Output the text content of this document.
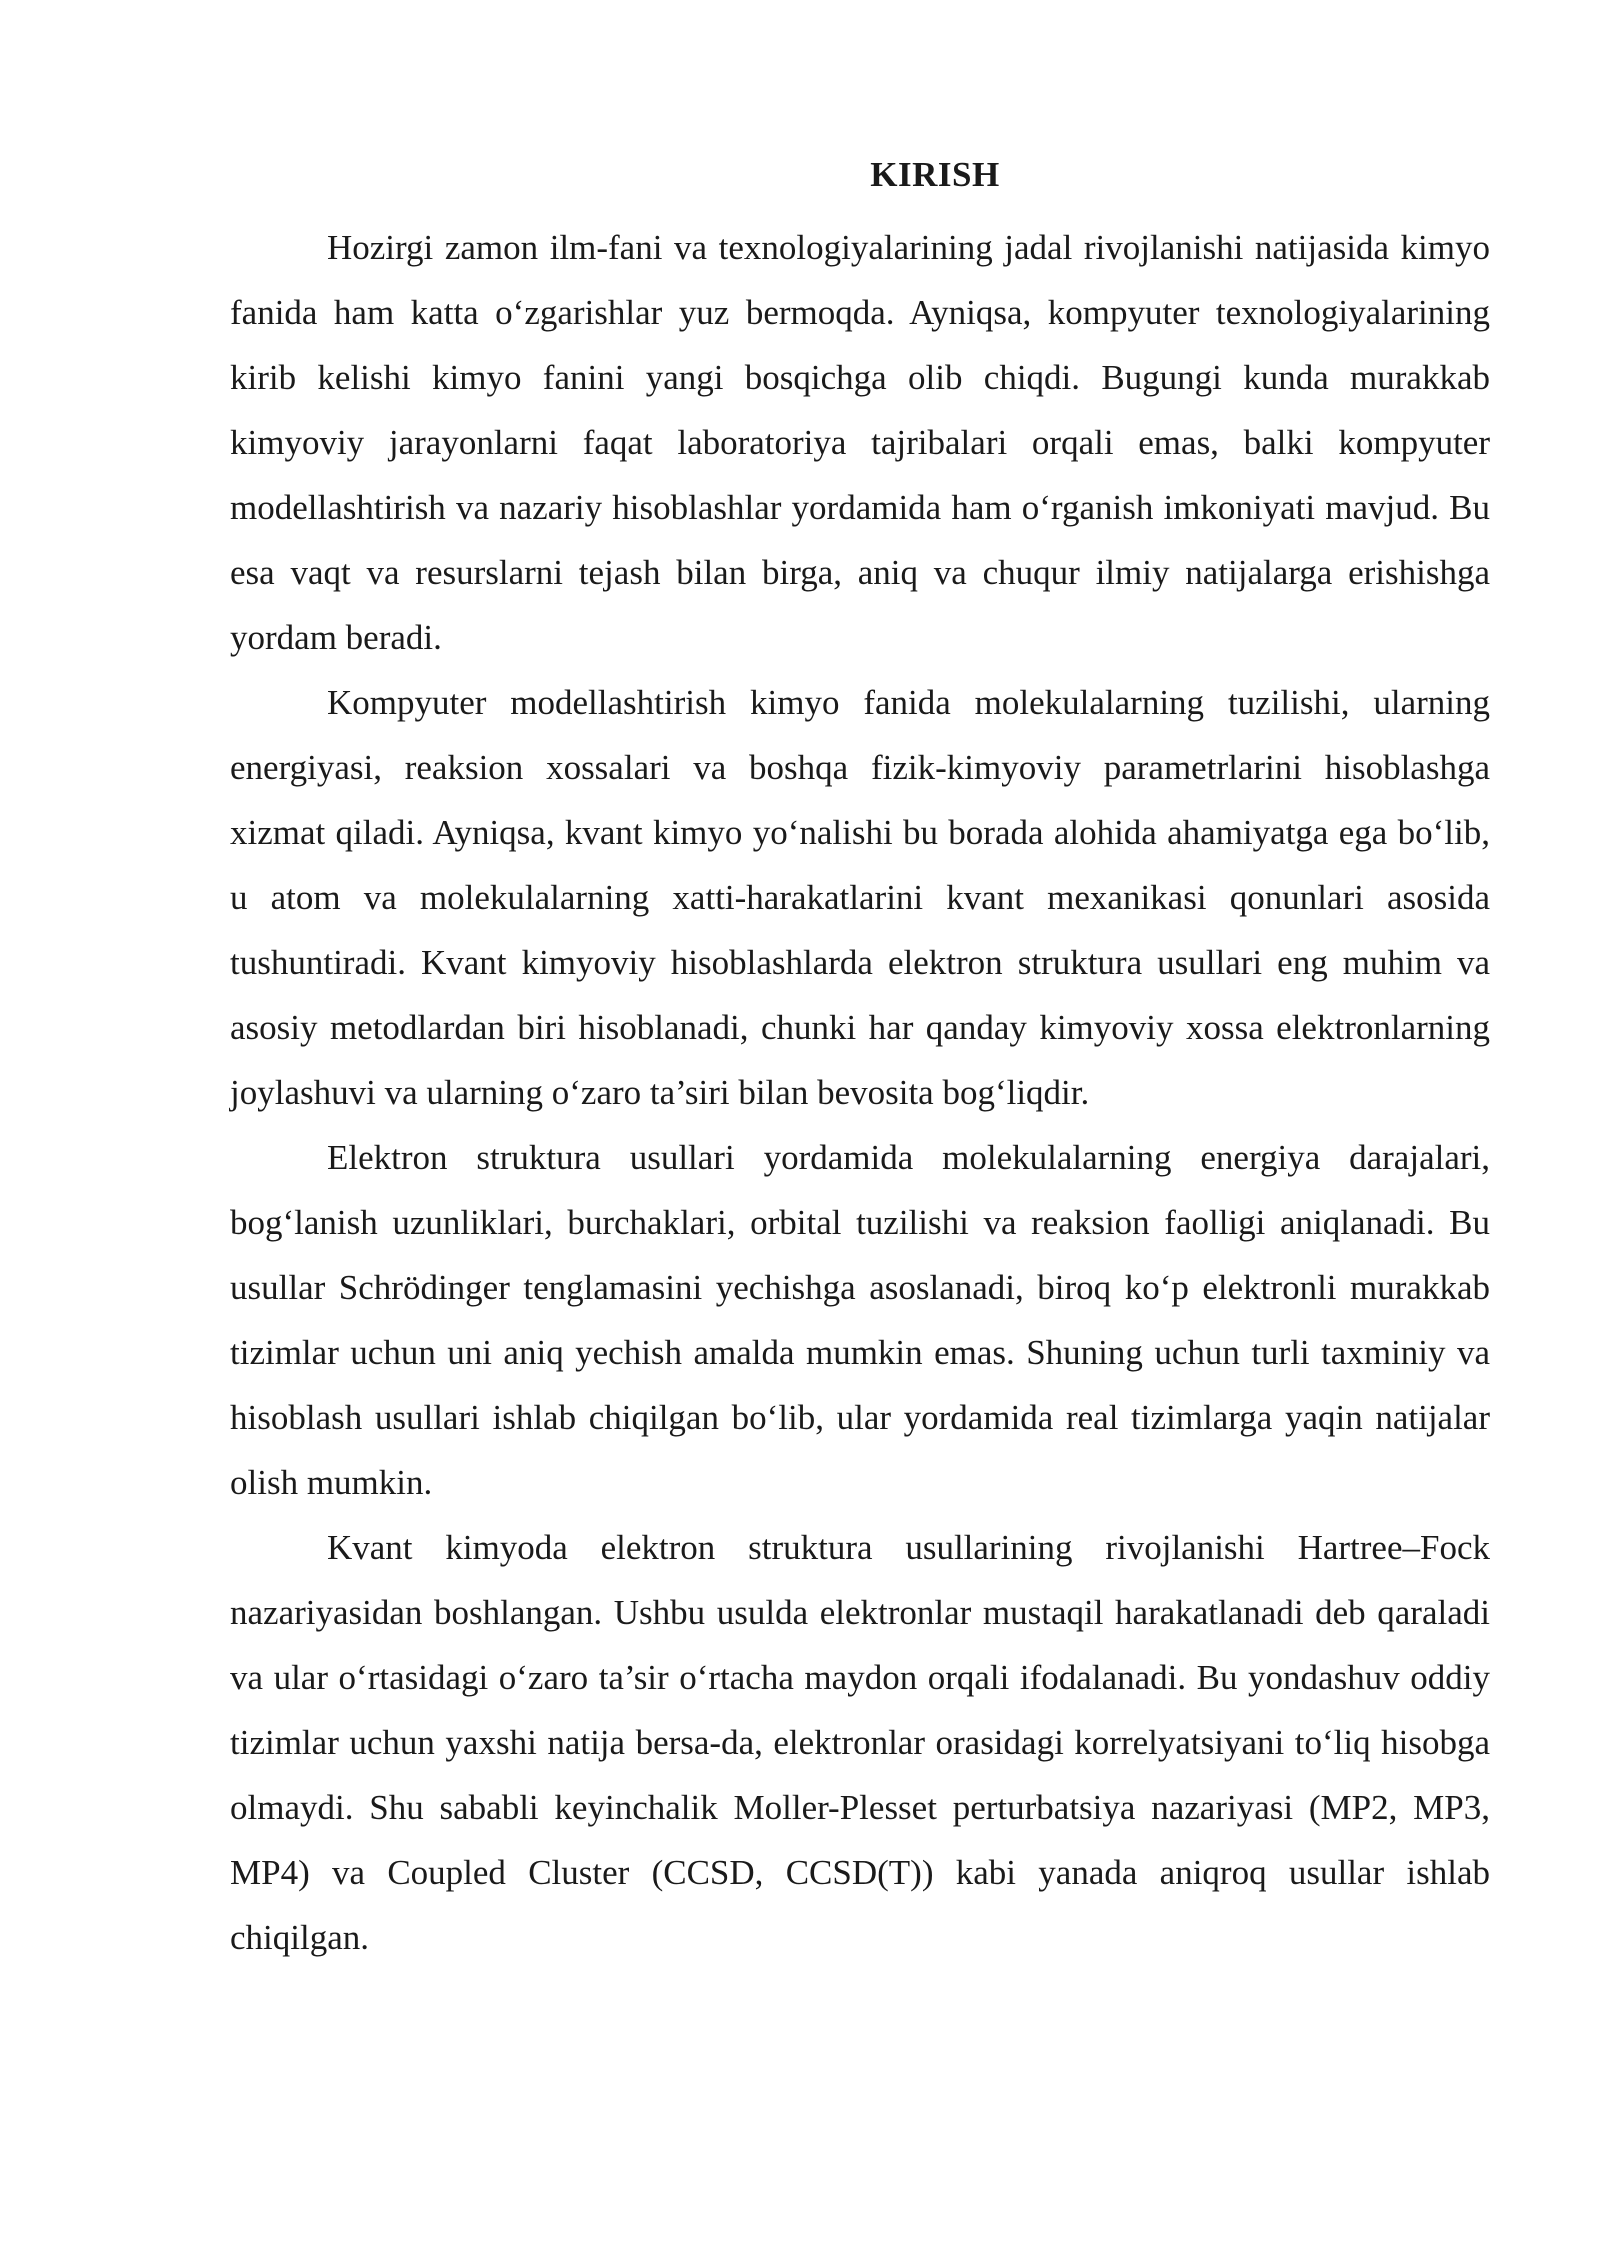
KIRISH

Hozirgi zamon ilm-fani va texnologiyalarining jadal rivojlanishi natijasida kimyo fanida ham katta o‘zgarishlar yuz bermoqda. Ayniqsa, kompyuter texnologiyalarining kirib kelishi kimyo fanini yangi bosqichga olib chiqdi. Bugungi kunda murakkab kimyoviy jarayonlarni faqat laboratoriya tajribalari orqali emas, balki kompyuter modellashtirish va nazariy hisoblashlar yordamida ham o‘rganish imkoniyati mavjud. Bu esa vaqt va resurslarni tejash bilan birga, aniq va chuqur ilmiy natijalarga erishishga yordam beradi.

Kompyuter modellashtirish kimyo fanida molekulalarning tuzilishi, ularning energiyasi, reaksion xossalari va boshqa fizik-kimyoviy parametrlarini hisoblashga xizmat qiladi. Ayniqsa, kvant kimyo yo‘nalishi bu borada alohida ahamiyatga ega bo‘lib, u atom va molekulalarning xatti-harakatlarini kvant mexanikasi qonunlari asosida tushuntiradi. Kvant kimyoviy hisoblashlarda elektron struktura usullari eng muhim va asosiy metodlardan biri hisoblanadi, chunki har qanday kimyoviy xossa elektronlarning joylashuvi va ularning o‘zaro ta’siri bilan bevosita bog‘liqdir.

Elektron struktura usullari yordamida molekulalarning energiya darajalari, bog‘lanish uzunliklari, burchaklari, orbital tuzilishi va reaksion faolligi aniqlanadi. Bu usullar Schrödinger tenglamasini yechishga asoslanadi, biroq ko‘p elektronli murakkab tizimlar uchun uni aniq yechish amalda mumkin emas. Shuning uchun turli taxminiy va hisoblash usullari ishlab chiqilgan bo‘lib, ular yordamida real tizimlarga yaqin natijalar olish mumkin.

Kvant kimyoda elektron struktura usullarining rivojlanishi Hartree–Fock nazariyasidan boshlangan. Ushbu usulda elektronlar mustaqil harakatlanadi deb qaraladi va ular o‘rtasidagi o‘zaro ta’sir o‘rtacha maydon orqali ifodalanadi. Bu yondashuv oddiy tizimlar uchun yaxshi natija bersa-da, elektronlar orasidagi korrelyatsiyani to‘liq hisobga olmaydi. Shu sababli keyinchalik Moller-Plesset perturbatsiya nazariyasi (MP2, MP3, MP4) va Coupled Cluster (CCSD, CCSD(T)) kabi yanada aniqroq usullar ishlab chiqilgan.
